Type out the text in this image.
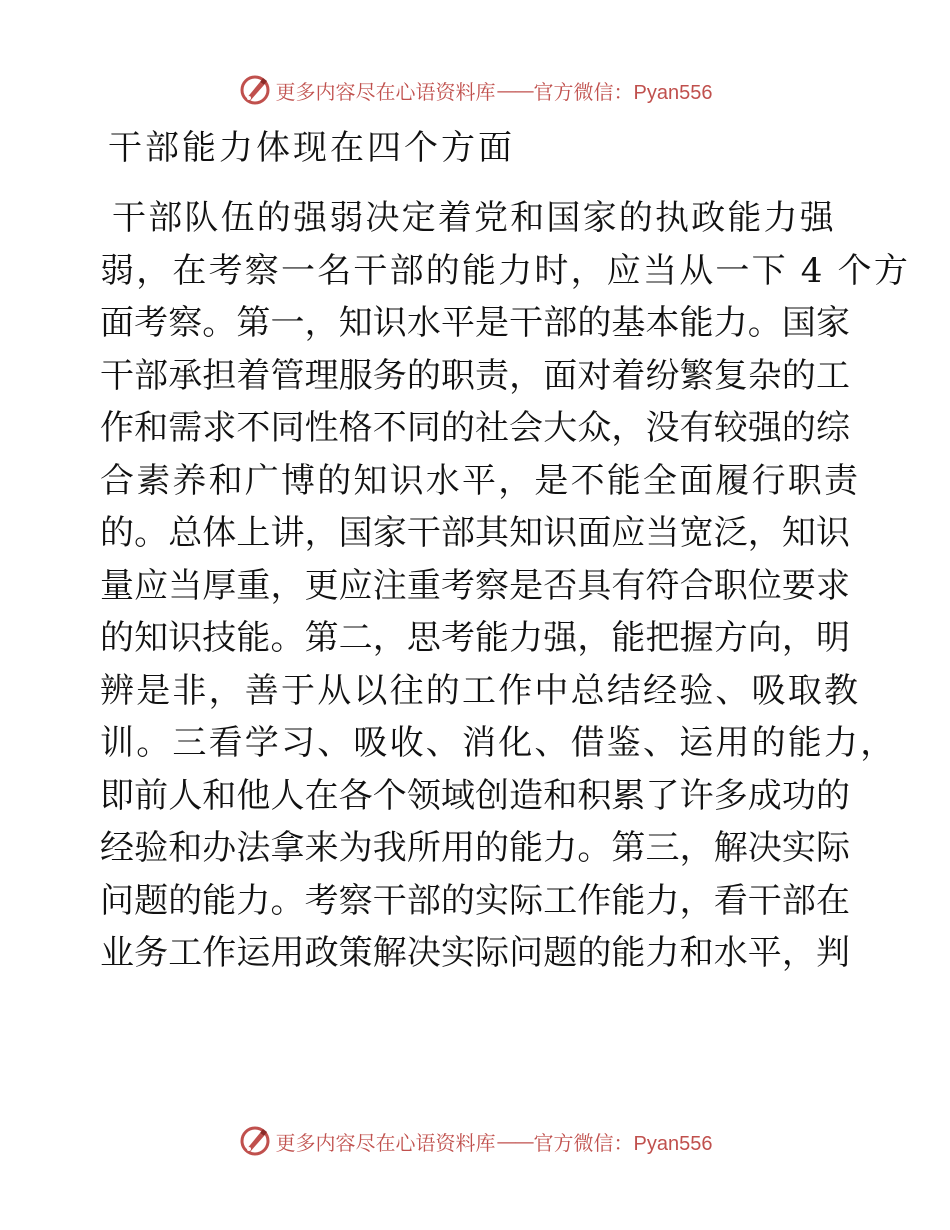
更多内容尽在心语资料库 —— 官方微信：Pyan556
干部能力体现在四个方面
干部队伍的强弱决定着党和国家的执政能力强
弱，在考察一名干部的能力时，应当从一下 4 个方
面考察。第一，知识水平是干部的基本能力。国家
干部承担着管理服务的职责，面对着纷繁复杂的工
作和需求不同性格不同的社会大众，没有较强的综
合素养和广博的知识水平，是不能全面履行职责
的。总体上讲，国家干部其知识面应当宽泛，知识
量应当厚重，更应注重考察是否具有符合职位要求
的知识技能。第二，思考能力强，能把握方向，明
辨是非，善于从以往的工作中总结经验、吸取教
训。三看学习、吸收、消化、借鉴、运用的能力，
即前人和他人在各个领域创造和积累了许多成功的
经验和办法拿来为我所用的能力。第三，解决实际
问题的能力。考察干部的实际工作能力，看干部在
业务工作运用政策解决实际问题的能力和水平，判
更多内容尽在心语资料库 —— 官方微信：Pyan556
